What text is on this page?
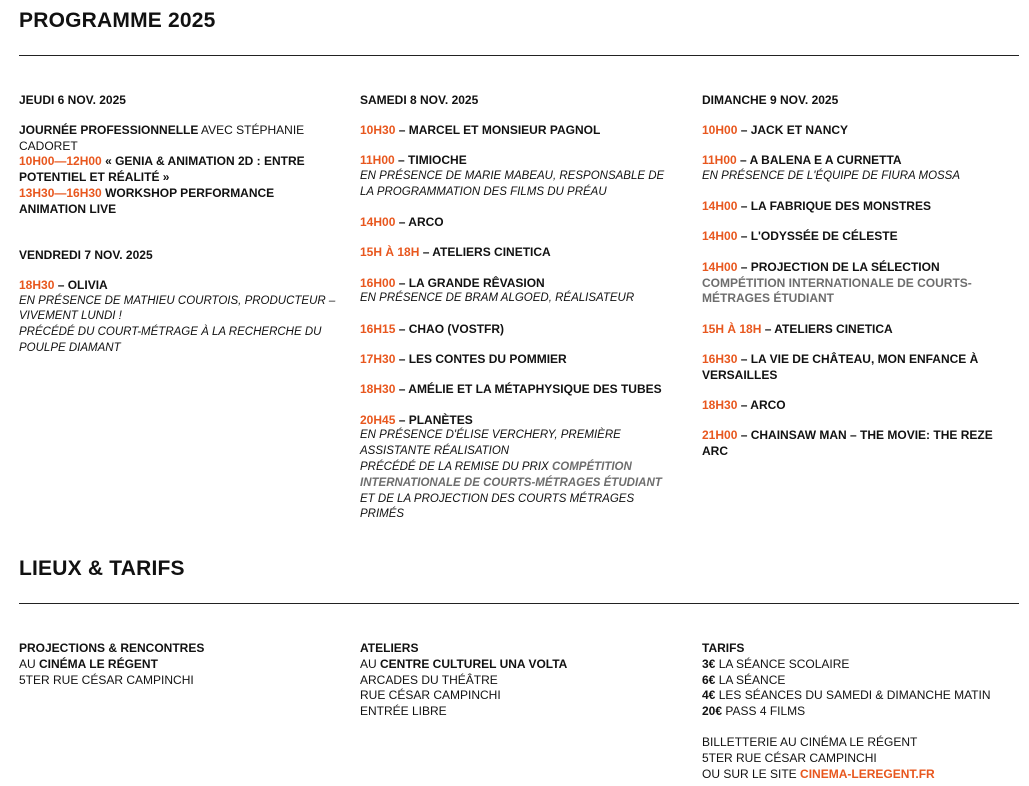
PROGRAMME 2025
JEUDI 6 NOV. 2025
JOURNÉE PROFESSIONNELLE AVEC STÉPHANIE CADORET
10H00—12H00 « GENIA & ANIMATION 2D : ENTRE POTENTIEL ET RÉALITÉ »
13H30—16H30 WORKSHOP PERFORMANCE ANIMATION LIVE
VENDREDI 7 NOV. 2025
18H30 – OLIVIA

EN PRÉSENCE DE MATHIEU COURTOIS, PRODUCTEUR – VIVEMENT LUNDI !
PRÉCÉDÉ DU COURT-MÉTRAGE À LA RECHERCHE DU POULPE DIAMANT
SAMEDI 8 NOV. 2025
10H30 – MARCEL ET MONSIEUR PAGNOL
11H00 – TIMIOCHE

EN PRÉSENCE DE MARIE MABEAU, RESPONSABLE DE LA PROGRAMMATION DES FILMS DU PRÉAU
14H00 – ARCO
15H À 18H – ATELIERS CINETICA
16H00 – LA GRANDE RÊVASION

EN PRÉSENCE DE BRAM ALGOED, RÉALISATEUR
16H15 – CHAO (VOSTFR)
17H30 – LES CONTES DU POMMIER
18H30 – AMÉLIE ET LA MÉTAPHYSIQUE DES TUBES
20H45 – PLANÈTES

EN PRÉSENCE D'ÉLISE VERCHERY, PREMIÈRE ASSISTANTE RÉALISATION
PRÉCÉDÉ DE LA REMISE DU PRIX COMPÉTITION INTERNATIONALE DE COURTS-MÉTRAGES ÉTUDIANT
ET DE LA PROJECTION DES COURTS MÉTRAGES PRIMÉS
DIMANCHE 9 NOV. 2025
10H00 – JACK ET NANCY
11H00 – A BALENA E A CURNETTA

EN PRÉSENCE DE L'ÉQUIPE DE FIURA MOSSA
14H00 – LA FABRIQUE DES MONSTRES
14H00 – L'ODYSSÉE DE CÉLESTE
14H00 – PROJECTION DE LA SÉLECTION

COMPÉTITION INTERNATIONALE DE COURTS-MÉTRAGES ÉTUDIANT
15H À 18H – ATELIERS CINETICA
16H30 – LA VIE DE CHÂTEAU, MON ENFANCE À VERSAILLES
18H30 – ARCO
21H00 – CHAINSAW MAN – THE MOVIE: THE REZE ARC
LIEUX & TARIFS
PROJECTIONS & RENCONTRES
AU CINÉMA LE RÉGENT
5TER RUE CÉSAR CAMPINCHI
ATELIERS
AU CENTRE CULTUREL UNA VOLTA
ARCADES DU THÉÂTRE
RUE CÉSAR CAMPINCHI
ENTRÉE LIBRE
TARIFS
3€ LA SÉANCE SCOLAIRE
6€ LA SÉANCE
4€ LES SÉANCES DU SAMEDI & DIMANCHE MATIN
20€ PASS 4 FILMS
BILLETTERIE AU CINÉMA LE RÉGENT
5TER RUE CÉSAR CAMPINCHI
OU SUR LE SITE CINEMA-LEREGENT.FR
